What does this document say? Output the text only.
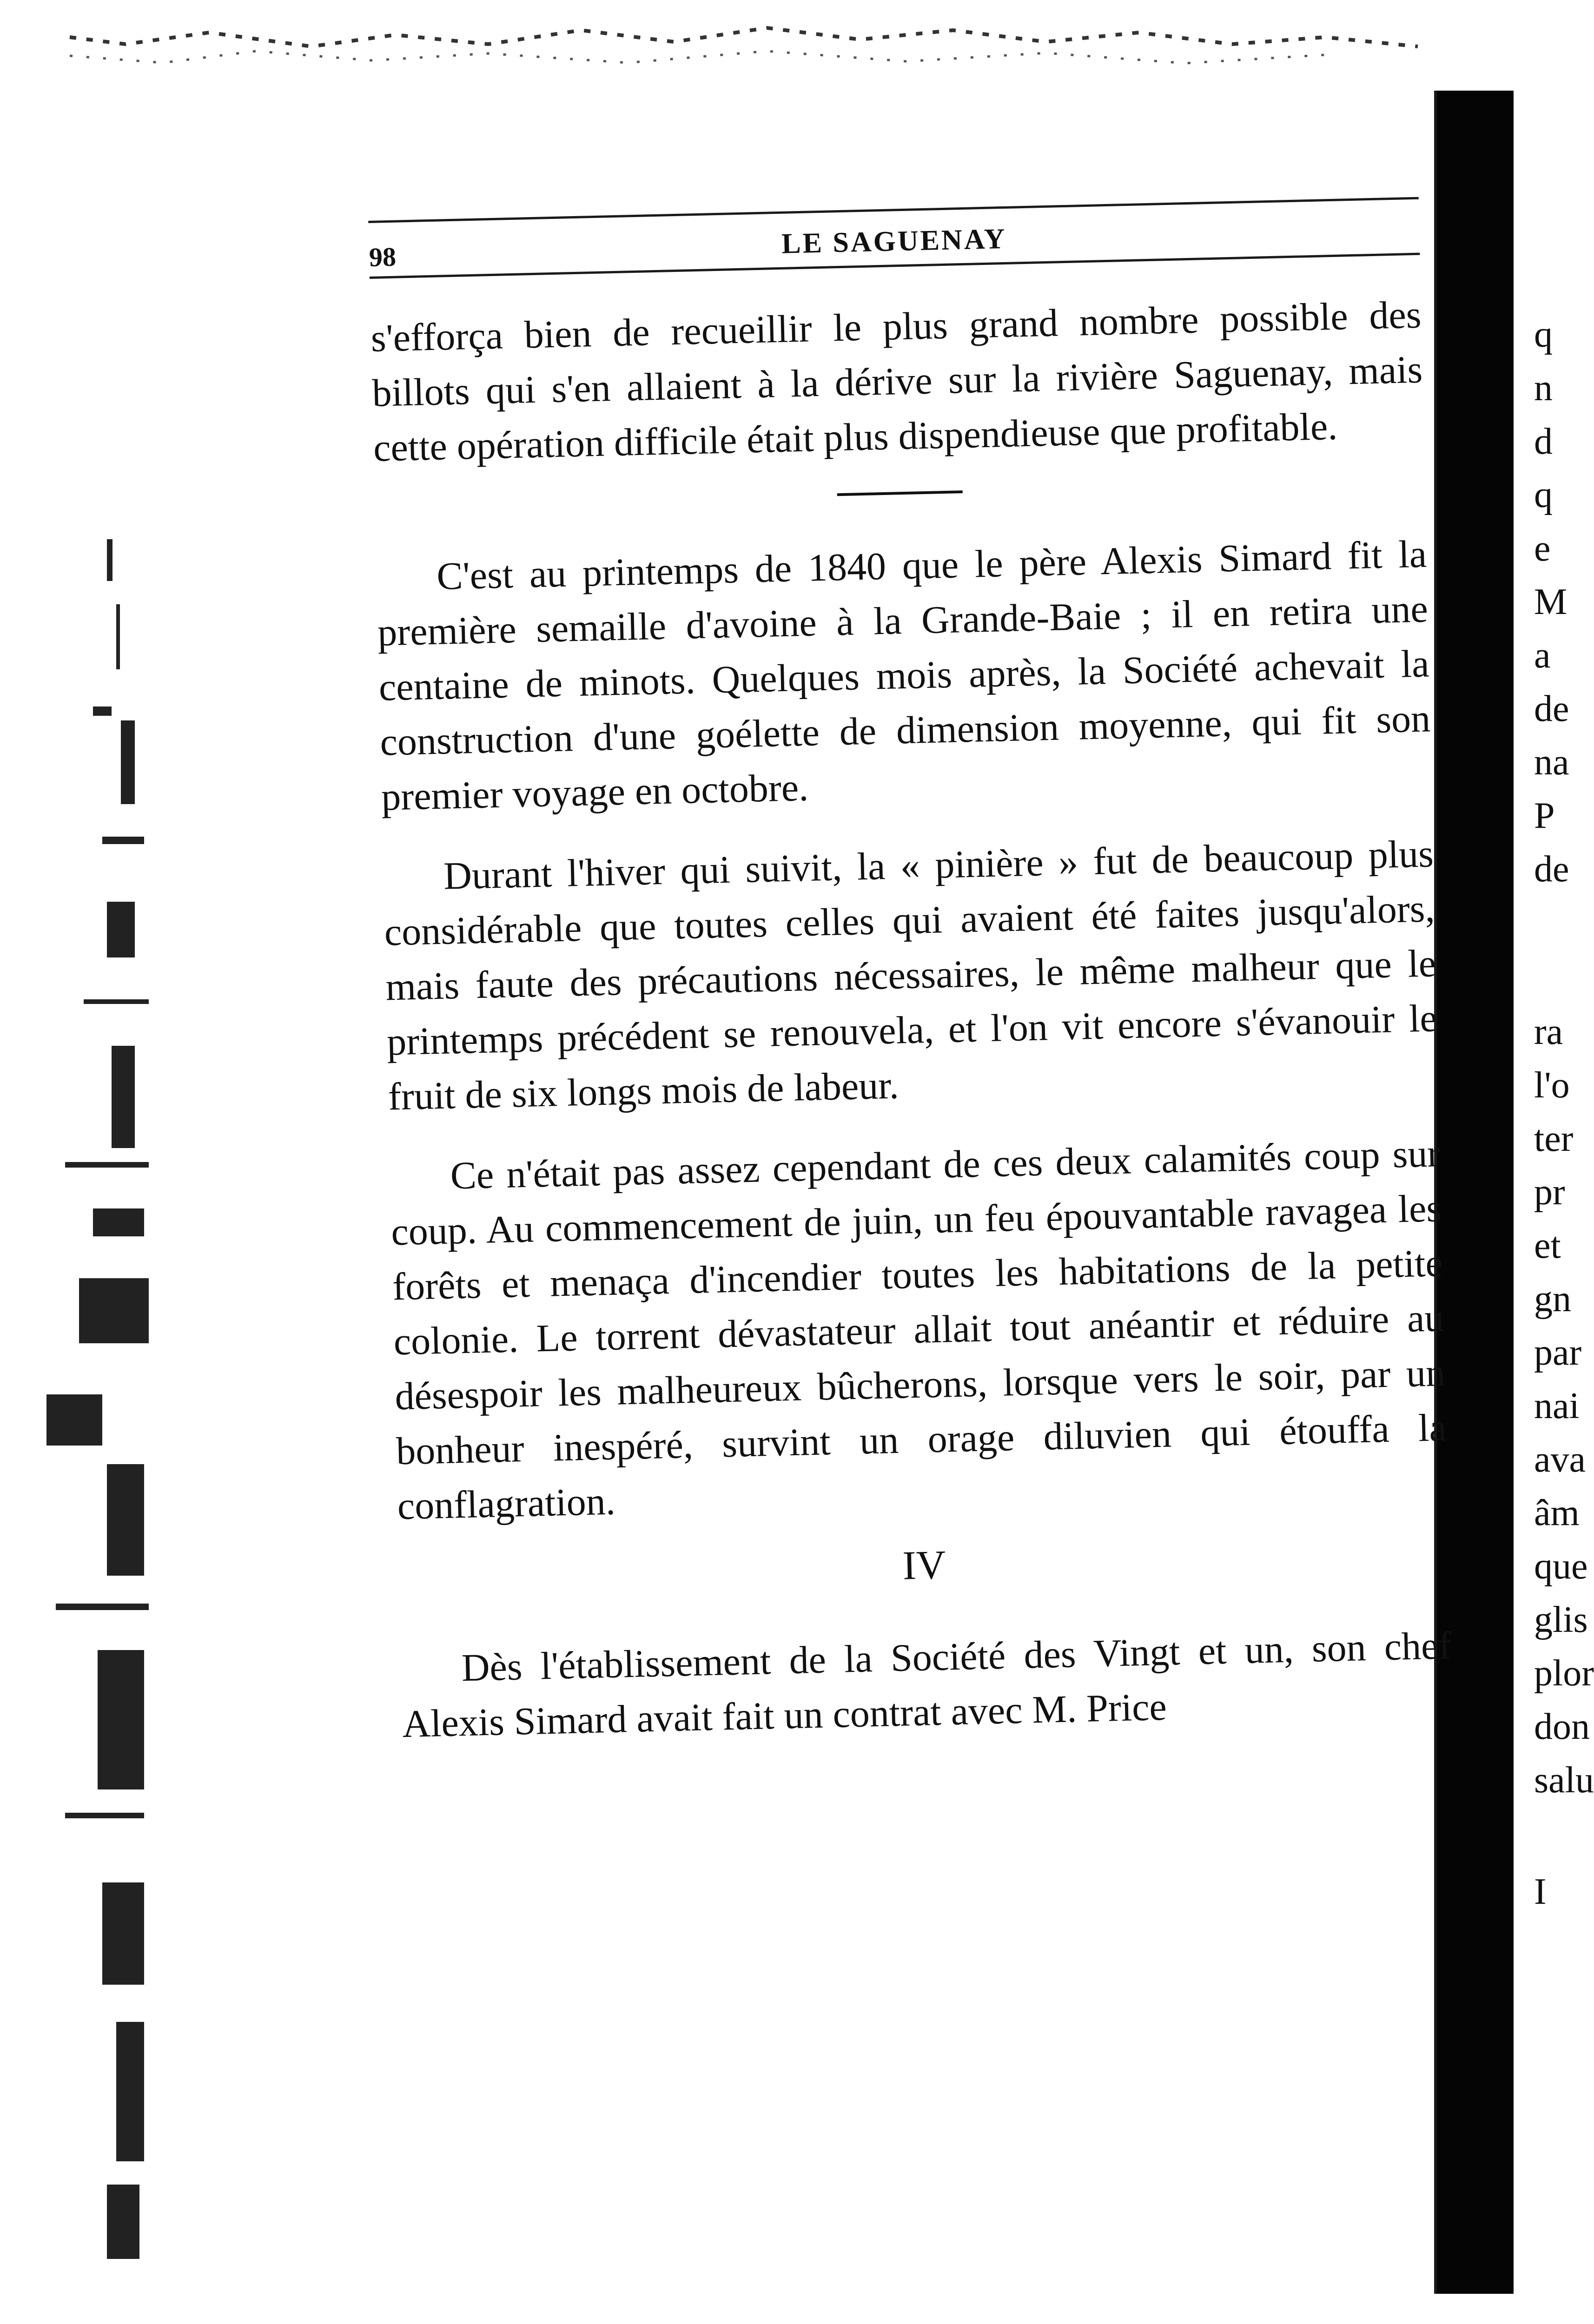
98	LE SAGUENAY

s'efforça bien de recueillir le plus grand nombre possible des billots qui s'en allaient à la dérive sur la rivière Saguenay, mais cette opération difficile était plus dispendieuse que profitable.

C'est au printemps de 1840 que le père Alexis Simard fit la première semaille d'avoine à la Grande-Baie ; il en retira une centaine de minots. Quelques mois après, la Société achevait la construction d'une goélette de dimension moyenne, qui fit son premier voyage en octobre.

Durant l'hiver qui suivit, la « pinière » fut de beaucoup plus considérable que toutes celles qui avaient été faites jusqu'alors, mais faute des précautions nécessaires, le même malheur que le printemps précédent se renouvela, et l'on vit encore s'évanouir le fruit de six longs mois de labeur.

Ce n'était pas assez cependant de ces deux calamités coup sur coup. Au commencement de juin, un feu épouvantable ravagea les forêts et menaça d'incendier toutes les habitations de la petite colonie. Le torrent dévastateur allait tout anéantir et réduire au désespoir les malheureux bûcherons, lorsque vers le soir, par un bonheur inespéré, survint un orage diluvien qui étouffa la conflagration.

IV

Dès l'établissement de la Société des Vingt et un, son chef Alexis Simard avait fait un contrat avec M. Price

q
n
d
q
e
M
a
de
na
P
de
ra
l'o
ter
pr
et
gn
par
nai
ava
âm
que
glis
plor
don
salu
I
